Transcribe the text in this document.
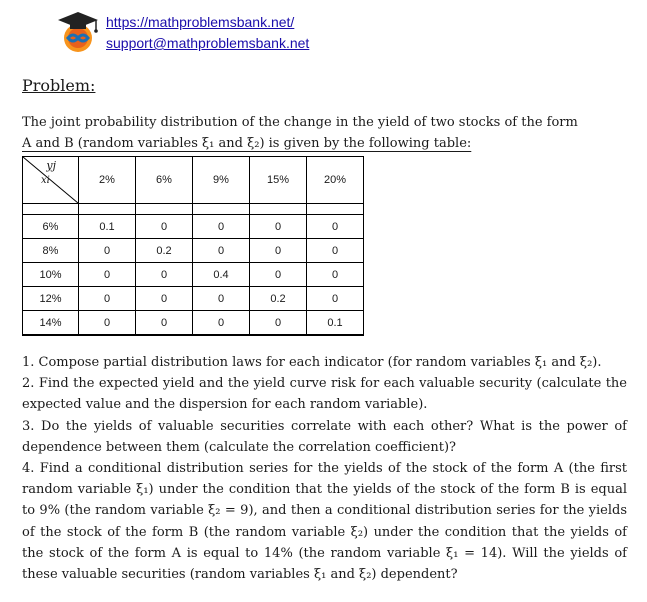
https://mathproblemsbank.net/
support@mathproblemsbank.net
Problem:
The joint probability distribution of the change in the yield of two stocks of the form
A and B (random variables ξ₁ and ξ₂) is given by the following table:
yj
xi	2%	6%	9%	15%	20%

6%	0.1	0	0	0	0
8%	0	0.2	0	0	0
10%	0	0	0.4	0	0
12%	0	0	0	0.2	0
14%	0	0	0	0	0.1

1. Compose partial distribution laws for each indicator (for random variables ξ₁ and ξ₂).

2. Find the expected yield and the yield curve risk for each valuable security (calculate the expected value and the dispersion for each random variable).

3. Do the yields of valuable securities correlate with each other? What is the power of dependence between them (calculate the correlation coefficient)?

4. Find a conditional distribution series for the yields of the stock of the form A (the first random variable ξ₁) under the condition that the yields of the stock of the form B is equal to 9% (the random variable ξ₂ = 9), and then a conditional distribution series for the yields of the stock of the form B (the random variable ξ₂) under the condition that the yields of the stock of the form A is equal to 14% (the random variable ξ₁ = 14). Will the yields of these valuable securities (random variables ξ₁ and ξ₂) dependent?
